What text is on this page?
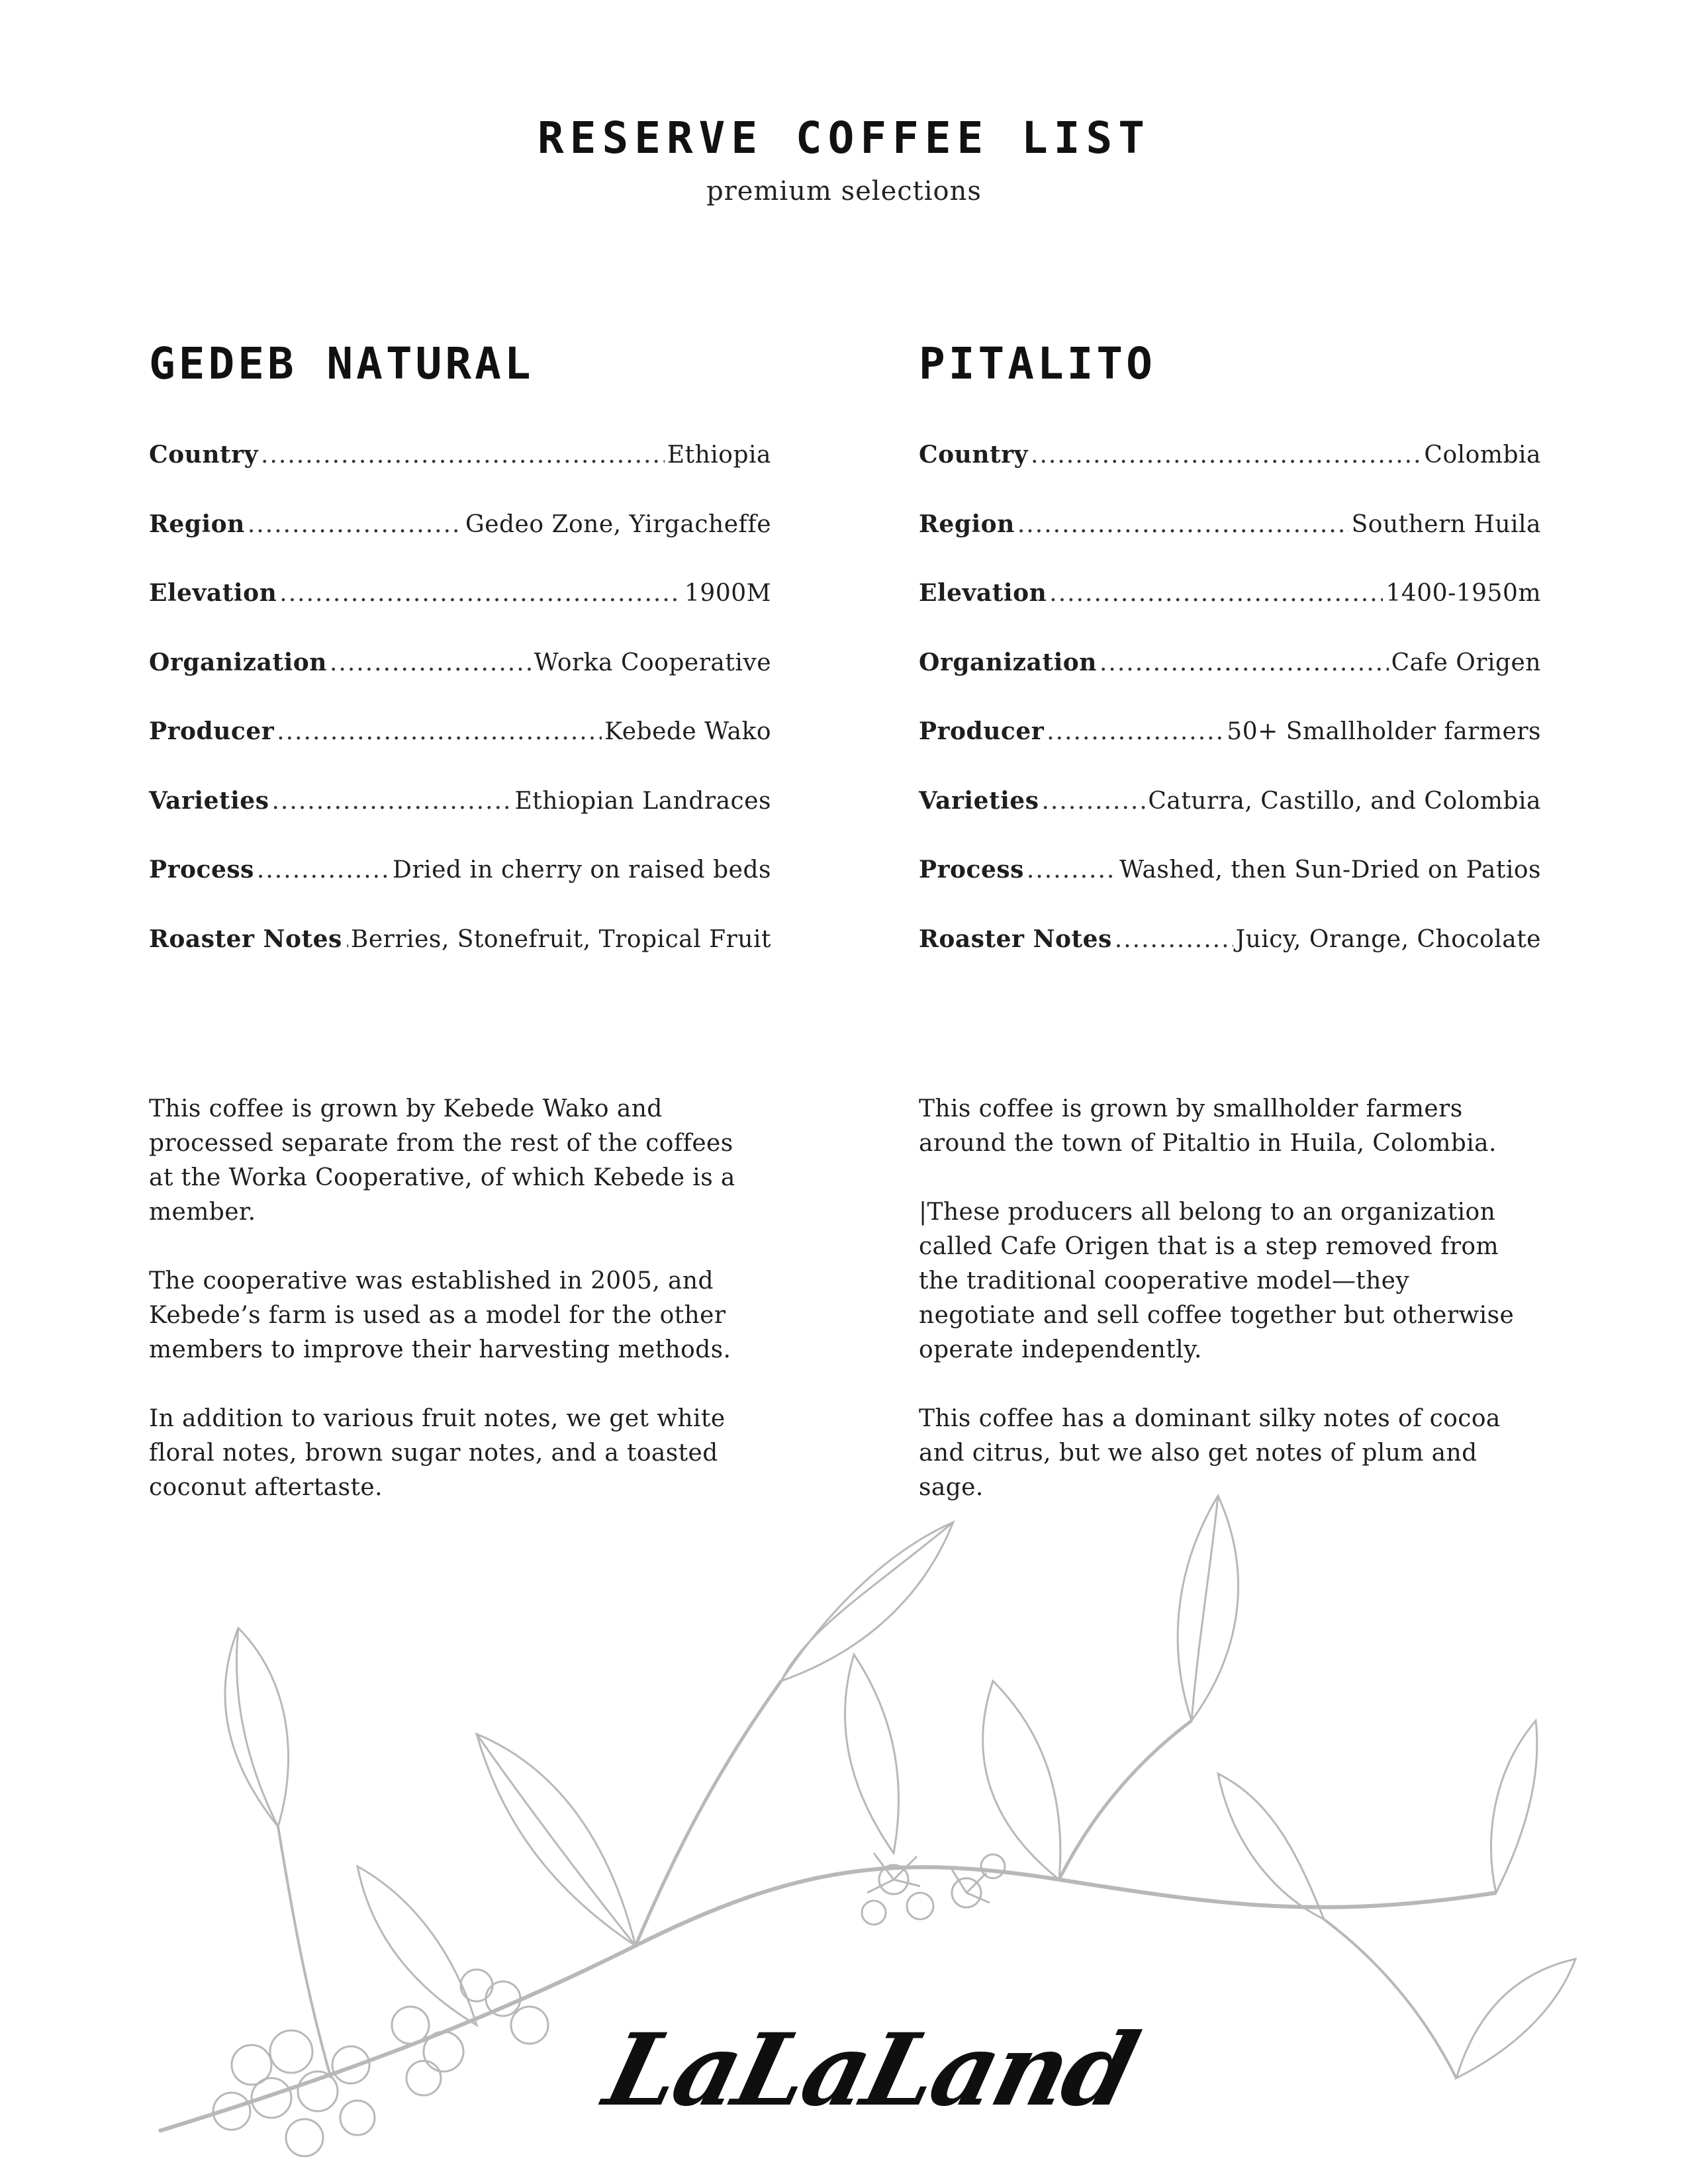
RESERVE COFFEE LIST
premium selections
GEDEB NATURAL
Country .....	Ethiopia
Region .....	Gedeo Zone, Yirgacheffe
Elevation .....	1900M
Organization .....	Worka Cooperative
Producer .....	Kebede Wako
Varieties .....	Ethiopian Landraces
Process .....	Dried in cherry on raised beds
Roaster Notes ..... Berries, Stonefruit, Tropical Fruit

This coffee is grown by Kebede Wako and processed separate from the rest of the coffees at the Worka Cooperative, of which Kebede is a member.

The cooperative was established in 2005, and Kebede’s farm is used as a model for the other members to improve their harvesting methods.

In addition to various fruit notes, we get white floral notes, brown sugar notes, and a toasted coconut aftertaste.

PITALITO
Country .....	Colombia
Region .....	Southern Huila
Elevation .....	1400-1950m
Organization .....	Cafe Origen
Producer .....	50+ Smallholder farmers
Varieties .....	Caturra, Castillo, and Colombia
Process .....	Washed, then Sun-Dried on Patios
Roaster Notes .....	Juicy, Orange, Chocolate

This coffee is grown by smallholder farmers around the town of Pitaltio in Huila, Colombia.

|These producers all belong to an organization called Cafe Origen that is a step removed from the traditional cooperative model—they negotiate and sell coffee together but otherwise operate independently.

This coffee has a dominant silky notes of cocoa and citrus, but we also get notes of plum and sage.

LaLaLand
